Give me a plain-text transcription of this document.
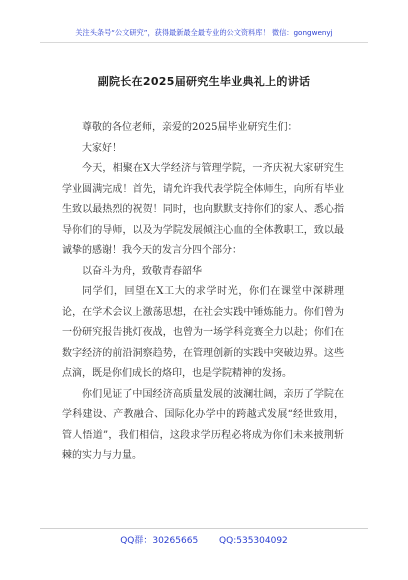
关注头条号“公文研究”，获得最新最全最专业的公文资料库！ 微信：gongwenyj
副院长在2025届研究生毕业典礼上的讲话

尊敬的各位老师，亲爱的2025届毕业研究生们：

大家好！

今天，相聚在X大学经济与管理学院，一齐庆祝大家研究生学业圆满完成！首先，请允许我代表学院全体师生，向所有毕业生致以最热烈的祝贺！同时，也向默默支持你们的家人、悉心指导你们的导师，以及为学院发展倾注心血的全体教职工，致以最诚挚的感谢！我今天的发言分四个部分：

以奋斗为舟，致敬青春韶华

同学们，回望在X工大的求学时光，你们在课堂中深耕理论，在学术会议上激荡思想，在社会实践中锤炼能力。你们曾为一份研究报告挑灯夜战，也曾为一场学科竞赛全力以赴；你们在数字经济的前沿洞察趋势，在管理创新的实践中突破边界。这些点滴，既是你们成长的烙印，也是学院精神的发扬。

你们见证了中国经济高质量发展的波澜壮阔，亲历了学院在学科建设、产教融合、国际化办学中的跨越式发展“经世致用，管人悟道”，我们相信，这段求学历程必将成为你们未来披荆斩棘的实力与力量。

QQ群：30265665 QQ:535304092
